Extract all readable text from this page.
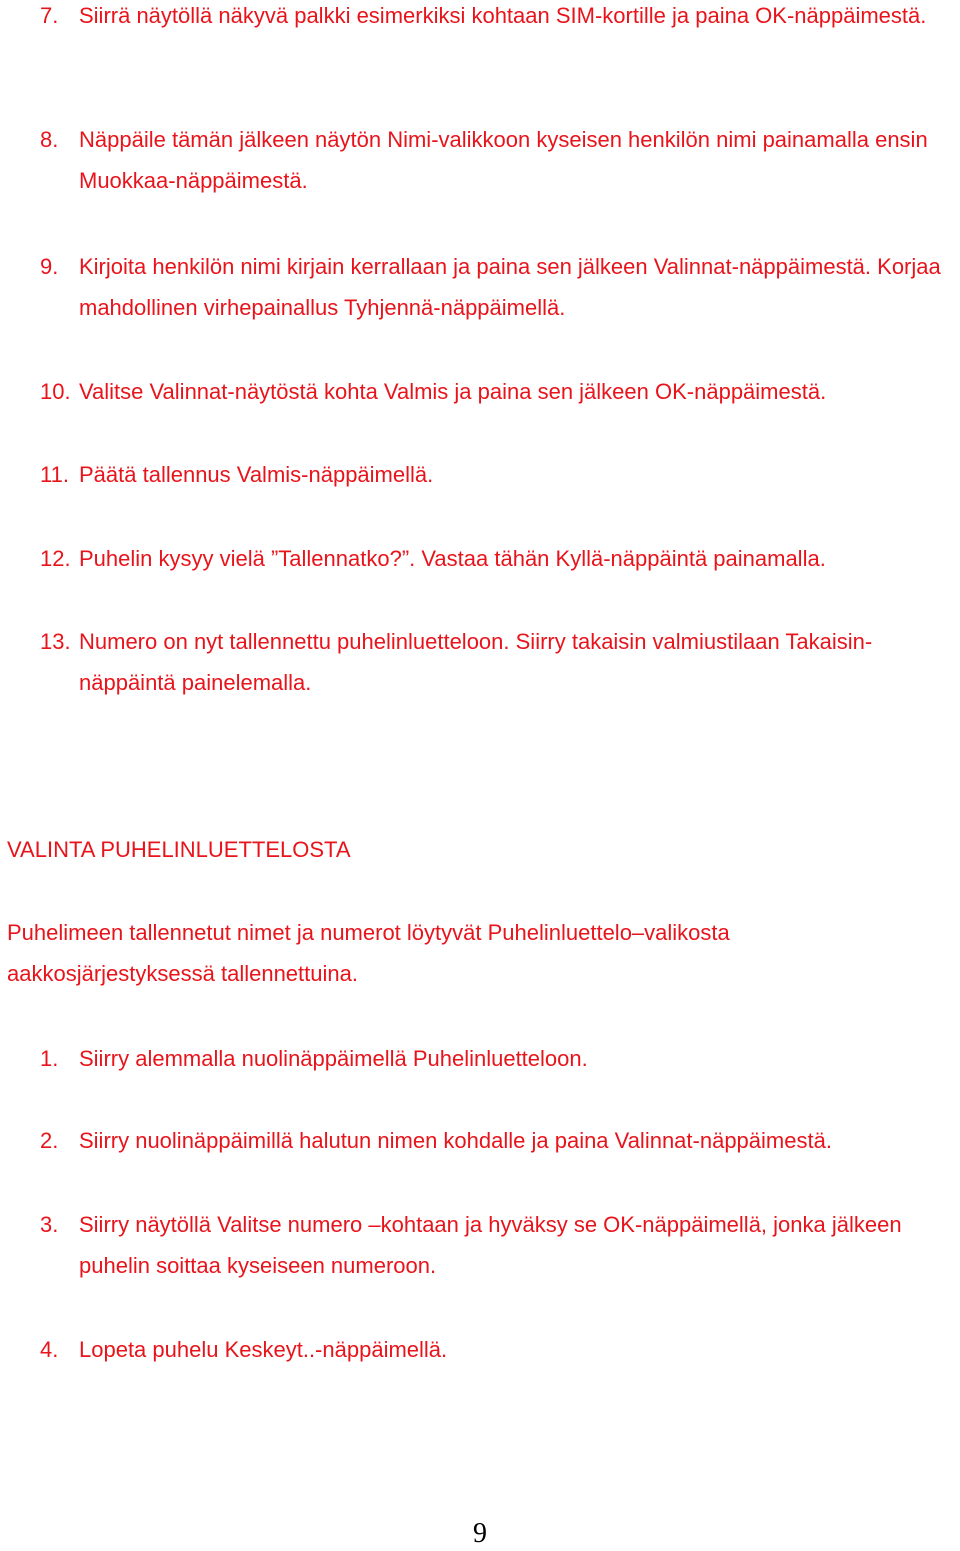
7. Siirrä näytöllä näkyvä palkki esimerkiksi kohtaan SIM-kortille ja paina OK-näppäimestä.
8. Näppäile tämän jälkeen näytön Nimi-valikkoon kyseisen henkilön nimi painamalla ensin Muokkaa-näppäimestä.
9. Kirjoita henkilön nimi kirjain kerrallaan ja paina sen jälkeen Valinnat-näppäimestä. Korjaa mahdollinen virhepainallus Tyhjennä-näppäimellä.
10. Valitse Valinnat-näytöstä kohta Valmis ja paina sen jälkeen OK-näppäimestä.
11. Päätä tallennus Valmis-näppäimellä.
12. Puhelin kysyy vielä ”Tallennatko?”. Vastaa tähän Kyllä-näppäintä painamalla.
13. Numero on nyt tallennettu puhelinluetteloon. Siirry takaisin valmiustilaan Takaisin-näppäintä painelemalla.

VALINTA PUHELINLUETTELOSTA

Puhelimeen tallennetut nimet ja numerot löytyvät Puhelinluettelo–valikosta aakkosjärjestyksessä tallennettuina.

1. Siirry alemmalla nuolinäppäimellä Puhelinluetteloon.
2. Siirry nuolinäppäimillä halutun nimen kohdalle ja paina Valinnat-näppäimestä.
3. Siirry näytöllä Valitse numero –kohtaan ja hyväksy se OK-näppäimellä, jonka jälkeen puhelin soittaa kyseiseen numeroon.
4. Lopeta puhelu Keskeyt..-näppäimellä.
9
